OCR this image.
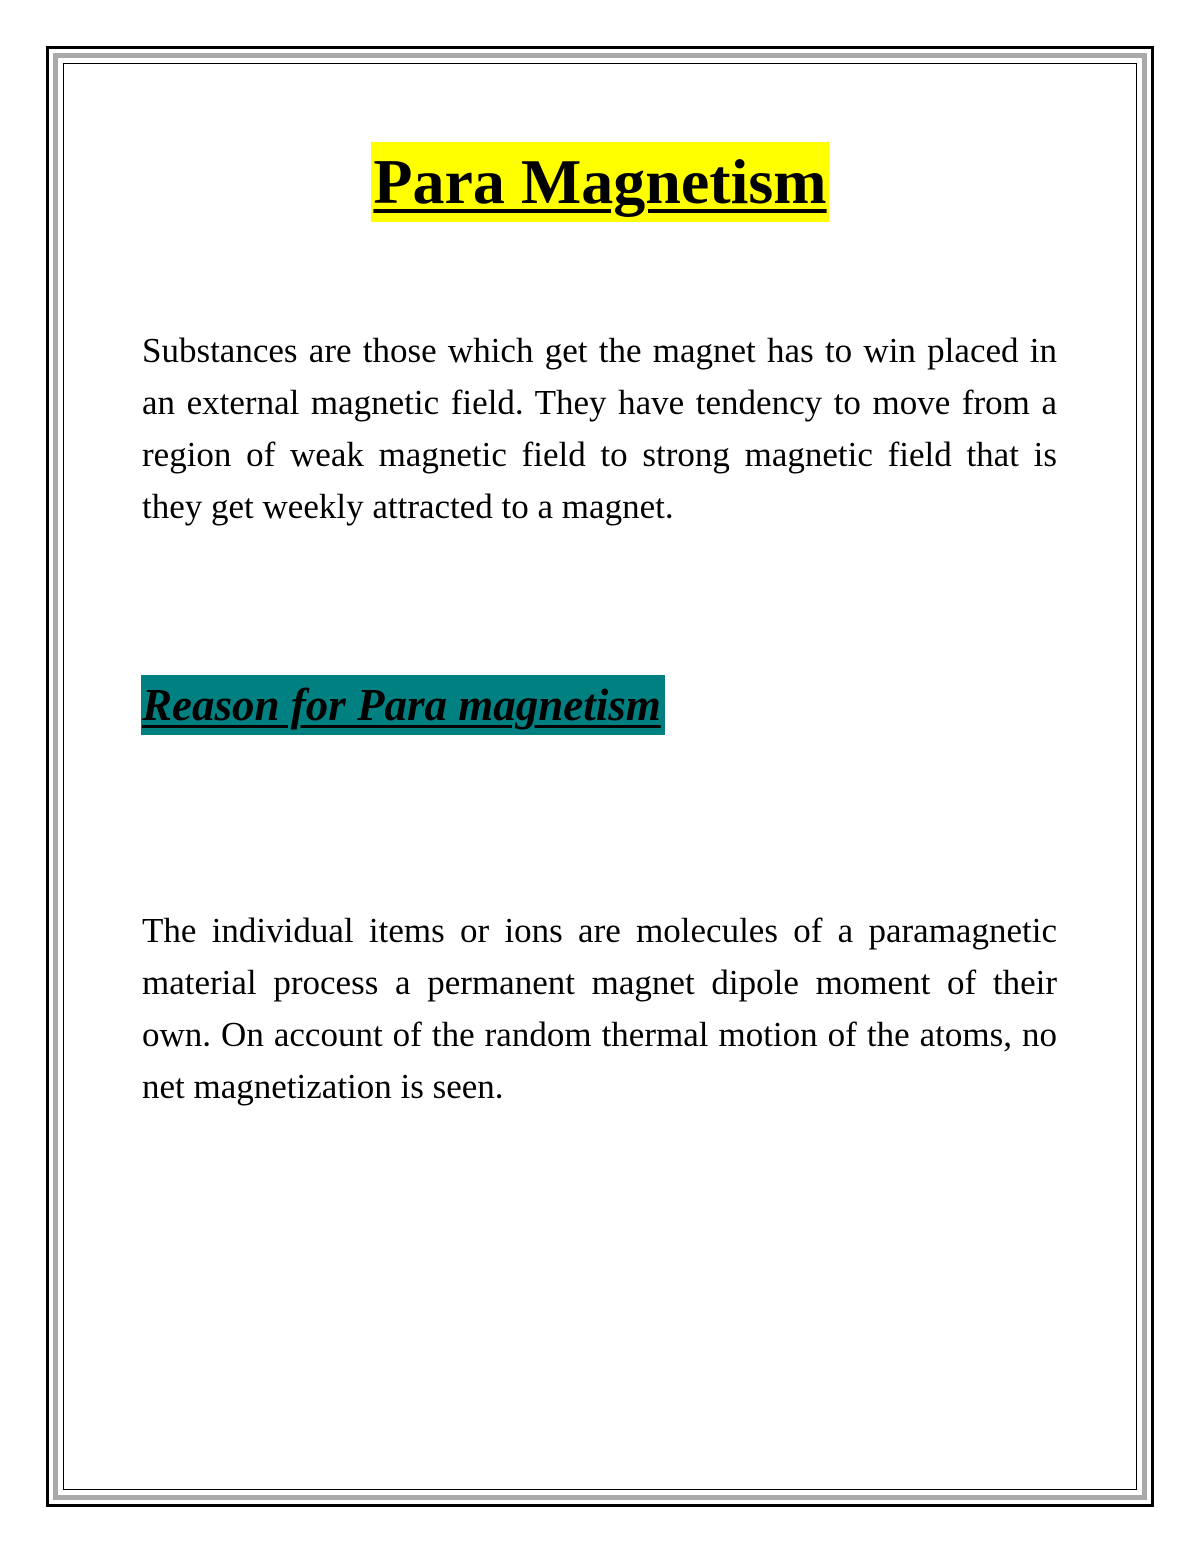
Para Magnetism

Substances are those which get the magnet has to win placed in an external magnetic field. They have tendency to move from a region of weak magnetic field to strong magnetic field that is they get weekly attracted to a magnet.

Reason for Para magnetism

The individual items or ions are molecules of a paramagnetic material process a permanent magnet dipole moment of their own. On account of the random thermal motion of the atoms, no net magnetization is seen.
